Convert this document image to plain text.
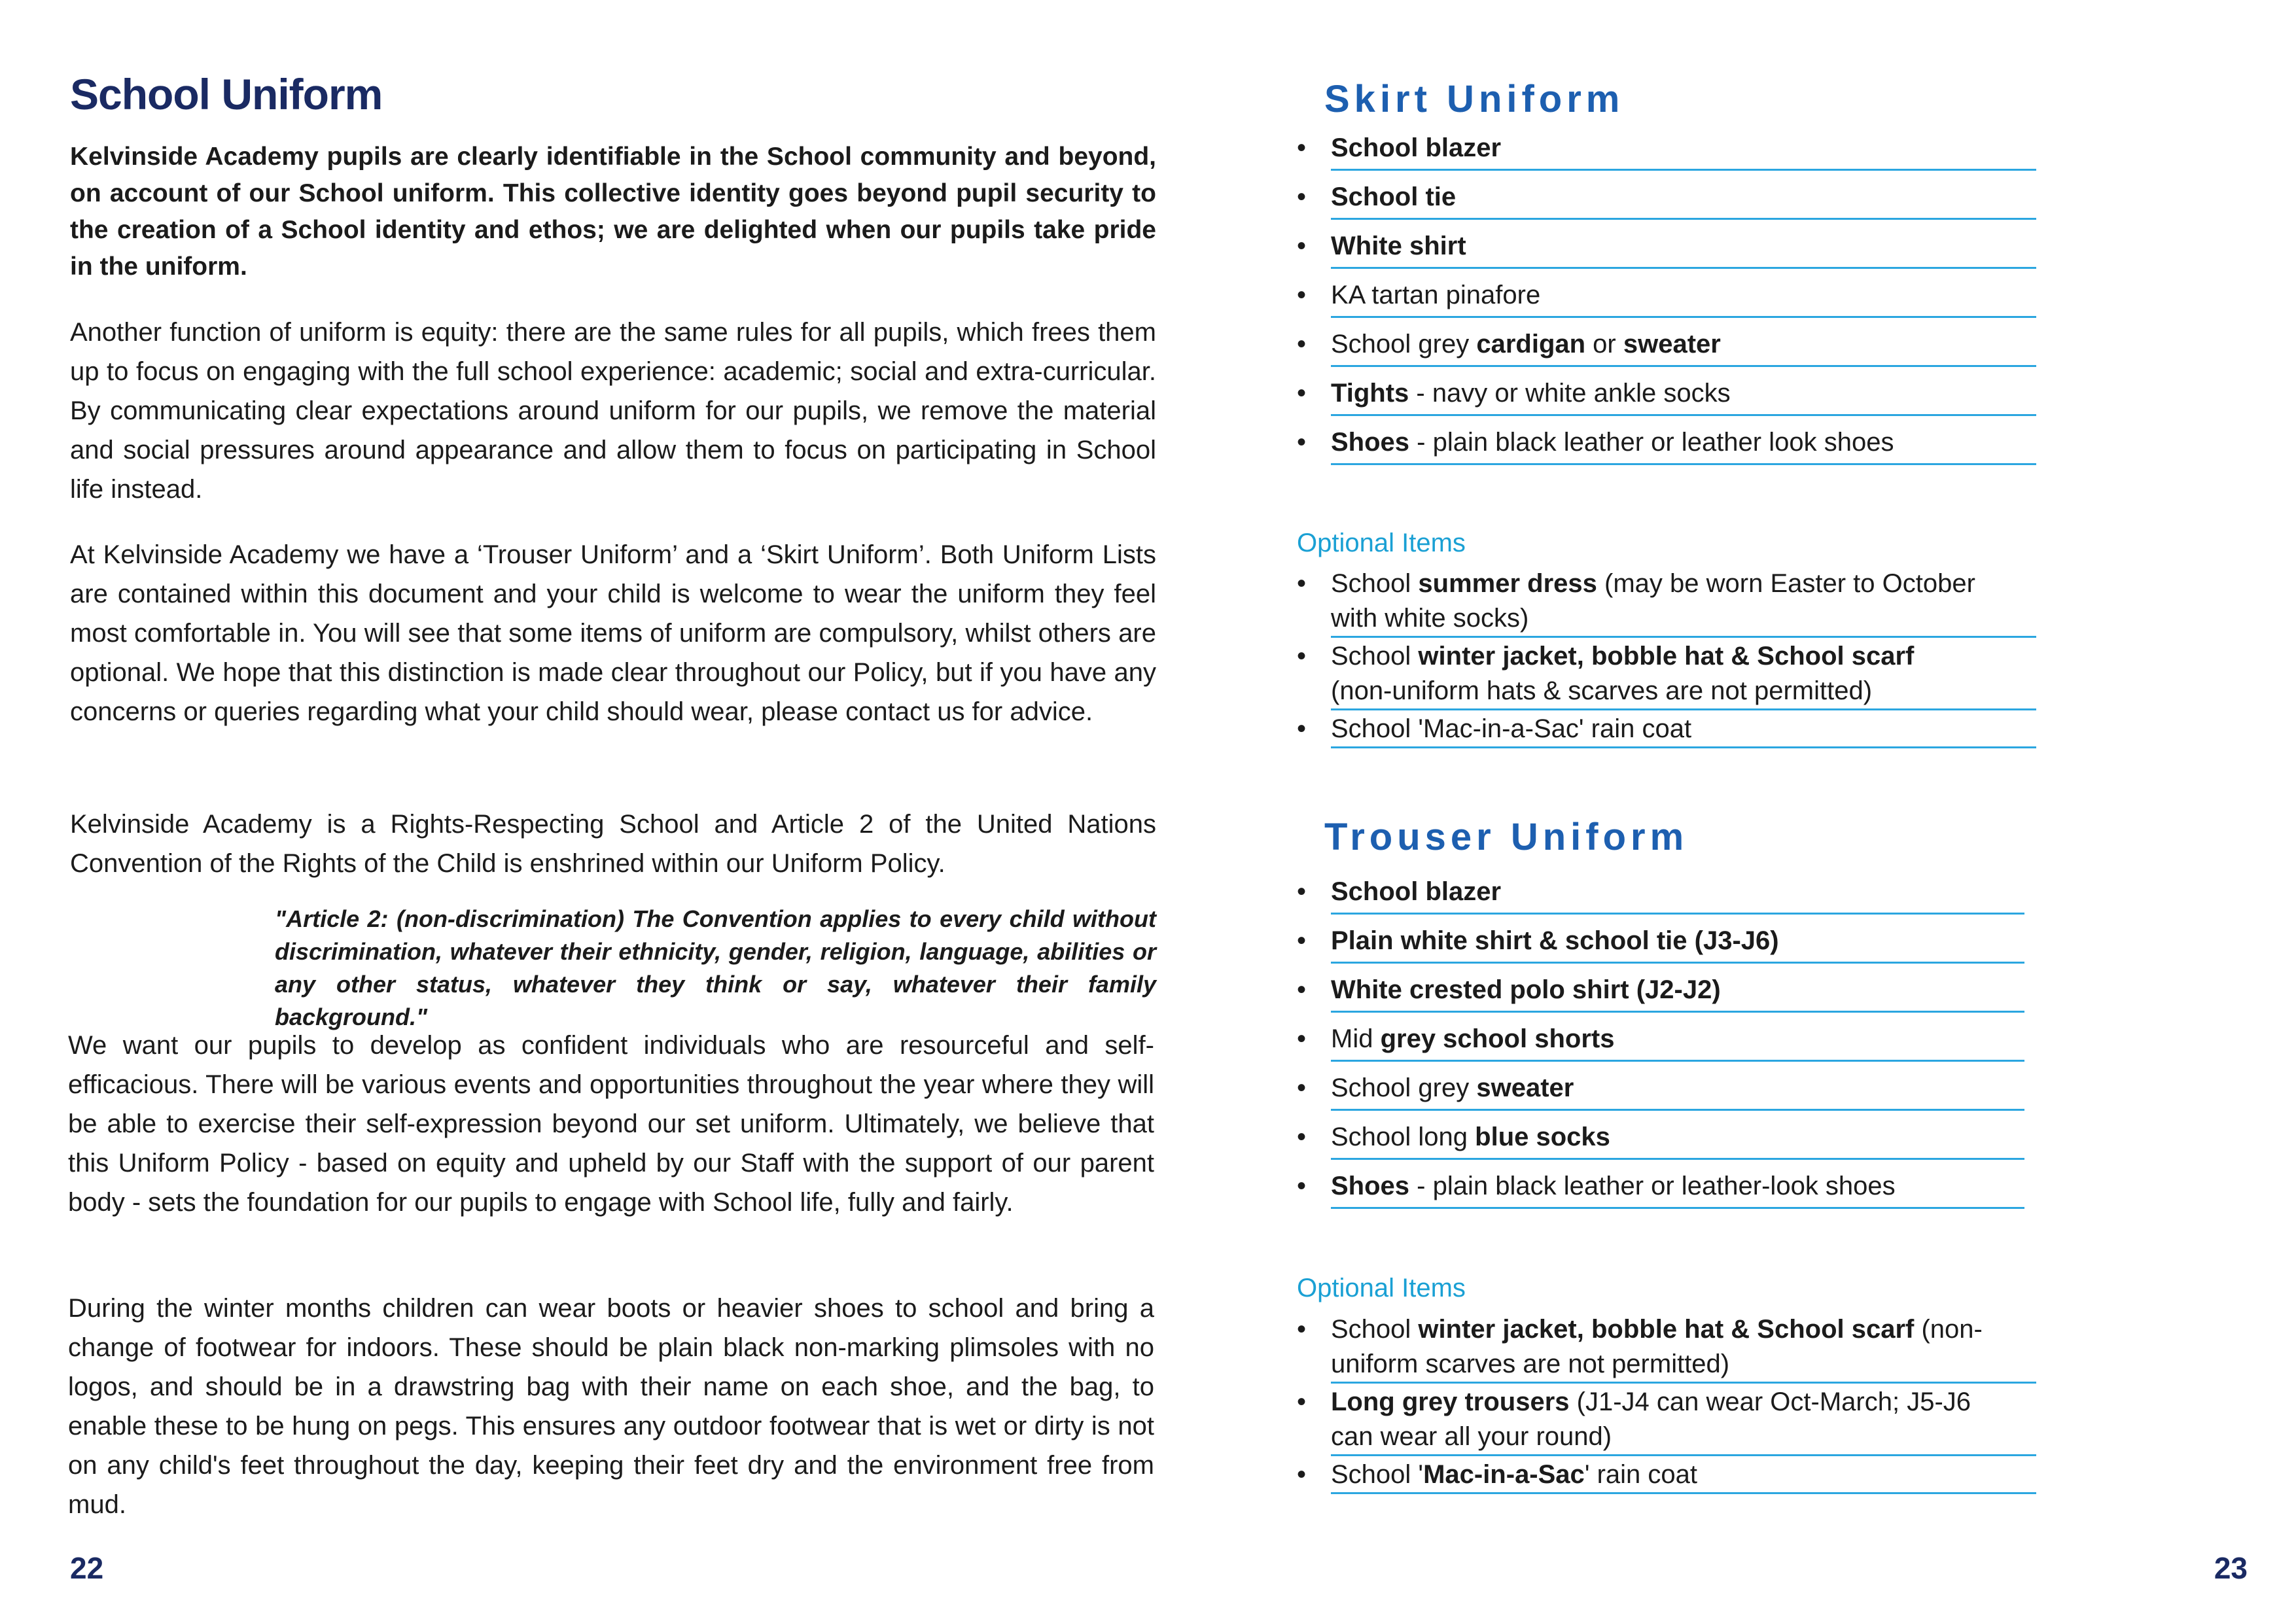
School Uniform

Kelvinside Academy pupils are clearly identifiable in the School community and beyond, on account of our School uniform. This collective identity goes beyond pupil security to the creation of a School identity and ethos; we are delighted when our pupils take pride in the uniform.

Another function of uniform is equity: there are the same rules for all pupils, which frees them up to focus on engaging with the full school experience: academic; social and extra-curricular. By communicating clear expectations around uniform for our pupils, we remove the material and social pressures around appearance and allow them to focus on participating in School life instead.

At Kelvinside Academy we have a ‘Trouser Uniform’ and a ‘Skirt Uniform’. Both Uniform Lists are contained within this document and your child is welcome to wear the uniform they feel most comfortable in. You will see that some items of uniform are compulsory, whilst others are optional. We hope that this distinction is made clear throughout our Policy, but if you have any concerns or queries regarding what your child should wear, please contact us for advice.

Kelvinside Academy is a Rights-Respecting School and Article 2 of the United Nations Convention of the Rights of the Child is enshrined within our Uniform Policy.

"Article 2: (non-discrimination) The Convention applies to every child without discrimination, whatever their ethnicity, gender, religion, language, abilities or any other status, whatever they think or say, whatever their family background."

We want our pupils to develop as confident individuals who are resourceful and self-efficacious. There will be various events and opportunities throughout the year where they will be able to exercise their self-expression beyond our set uniform. Ultimately, we believe that this Uniform Policy - based on equity and upheld by our Staff with the support of our parent body - sets the foundation for our pupils to engage with School life, fully and fairly.

During the winter months children can wear boots or heavier shoes to school and bring a change of footwear for indoors. These should be plain black non-marking plimsoles with no logos, and should be in a drawstring bag with their name on each shoe, and the bag, to enable these to be hung on pegs. This ensures any outdoor footwear that is wet or dirty is not on any child's feet throughout the day, keeping their feet dry and the environment free from mud.

22
Skirt Uniform
• School blazer
• School tie
• White shirt
• KA tartan pinafore
• School grey cardigan or sweater
• Tights - navy or white ankle socks
• Shoes - plain black leather or leather look shoes
Optional Items
• School summer dress (may be worn Easter to October
with white socks)
• School winter jacket, bobble hat & School scarf
(non-uniform hats & scarves are not permitted)
• School 'Mac-in-a-Sac' rain coat
Trouser Uniform
• School blazer
• Plain white shirt & school tie (J3-J6)
• White crested polo shirt (J2-J2)
• Mid grey school shorts
• School grey sweater
• School long blue socks
• Shoes - plain black leather or leather-look shoes
Optional Items
• School winter jacket, bobble hat & School scarf (non-
uniform scarves are not permitted)
• Long grey trousers (J1-J4 can wear Oct-March; J5-J6
can wear all your round)
• School 'Mac-in-a-Sac' rain coat
23
